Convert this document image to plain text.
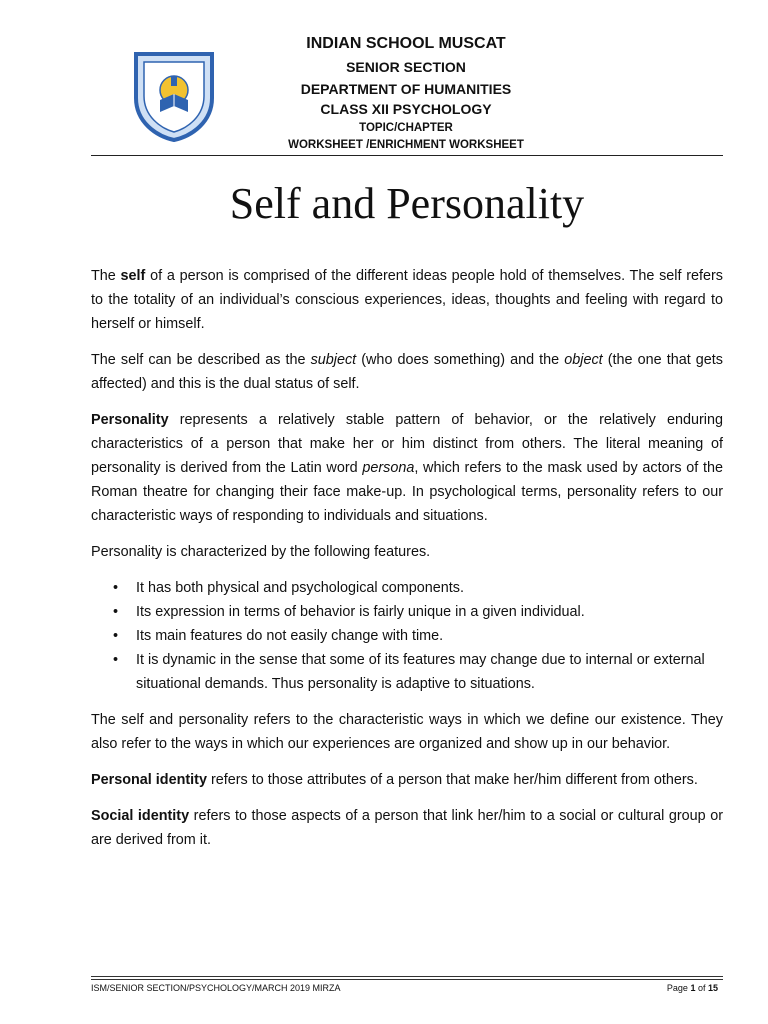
INDIAN SCHOOL MUSCAT
SENIOR SECTION
DEPARTMENT OF HUMANITIES
CLASS XII PSYCHOLOGY
TOPIC/CHAPTER
WORKSHEET /ENRICHMENT WORKSHEET
Self and Personality

The self of a person is comprised of the different ideas people hold of themselves. The self refers to the totality of an individual’s conscious experiences, ideas, thoughts and feeling with regard to herself or himself.

The self can be described as the subject (who does something) and the object (the one that gets affected) and this is the dual status of self.

Personality represents a relatively stable pattern of behavior, or the relatively enduring characteristics of a person that make her or him distinct from others. The literal meaning of personality is derived from the Latin word persona, which refers to the mask used by actors of the Roman theatre for changing their face make-up. In psychological terms, personality refers to our characteristic ways of responding to individuals and situations.

Personality is characterized by the following features.

• It has both physical and psychological components.
• Its expression in terms of behavior is fairly unique in a given individual.
• Its main features do not easily change with time.
• It is dynamic in the sense that some of its features may change due to internal or external situational demands. Thus personality is adaptive to situations.

The self and personality refers to the characteristic ways in which we define our existence. They also refer to the ways in which our experiences are organized and show up in our behavior.

Personal identity refers to those attributes of a person that make her/him different from others.

Social identity refers to those aspects of a person that link her/him to a social or cultural group or are derived from it.

ISM/SENIOR SECTION/PSYCHOLOGY/MARCH 2019 MIRZA	Page 1 of 15
